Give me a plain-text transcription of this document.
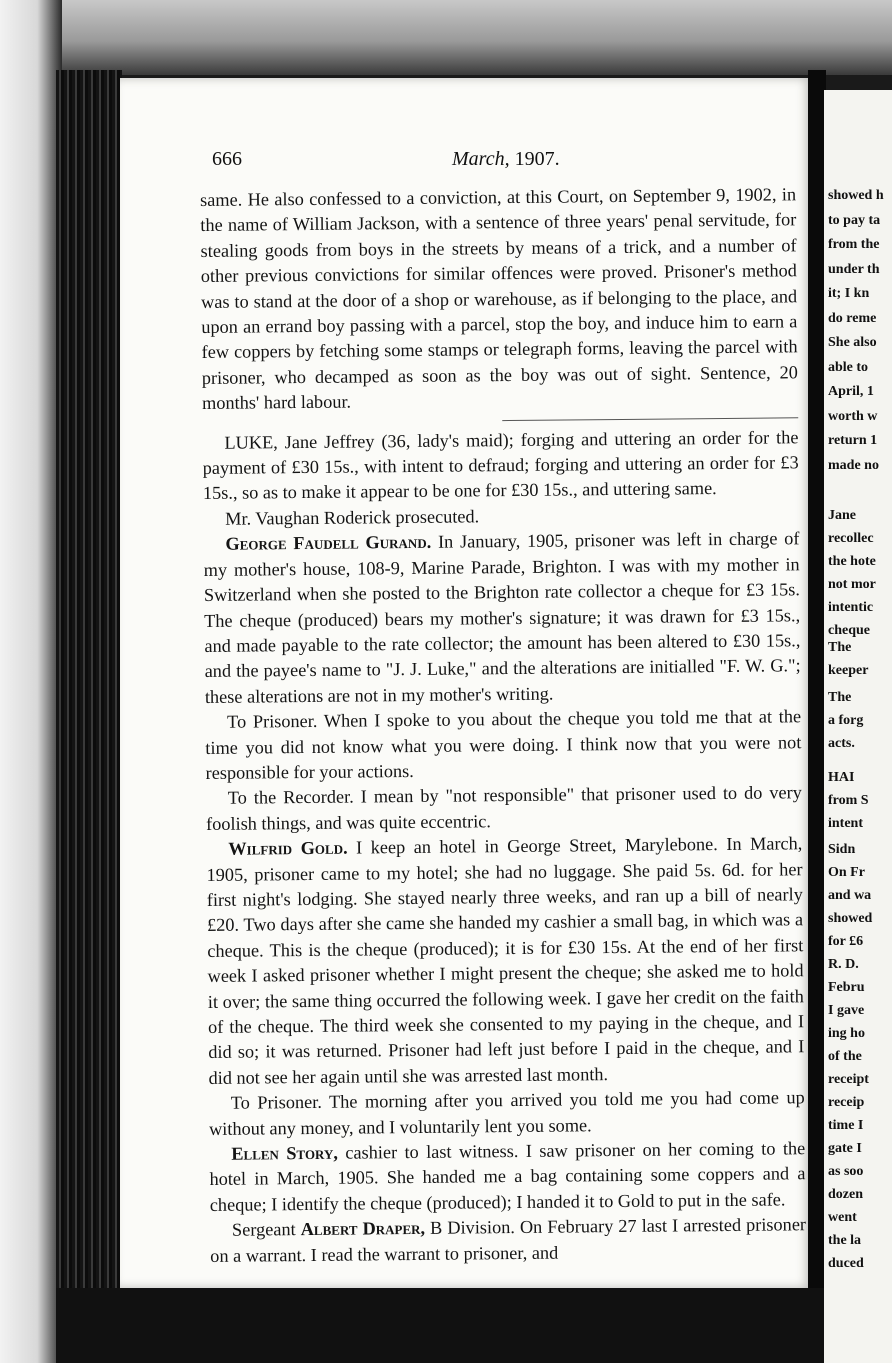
showed h
to pay ta
from the
under th
it; I kn
do reme
She also
able to
April, 1
worth w
return 1
made no
Jane
recollec
the hote
not mor
intentic
cheque
The
keeper
The
a forg
acts.
HAI
from S
intent
Sidn
On Fr
and wa
showed
for £6
R. D.
Febru
I gave
ing ho
of the
receipt
receip
time I
gate I
as soo
dozen
went
the la
duced
666	March, 1907.

same. He also confessed to a conviction, at this Court, on September 9, 1902, in the name of William Jackson, with a sentence of three years' penal servitude, for stealing goods from boys in the streets by means of a trick, and a number of other previous convictions for similar offences were proved. Prisoner's method was to stand at the door of a shop or warehouse, as if belonging to the place, and upon an errand boy passing with a parcel, stop the boy, and induce him to earn a few coppers by fetching some stamps or telegraph forms, leaving the parcel with prisoner, who decamped as soon as the boy was out of sight. Sentence, 20 months' hard labour.

LUKE, Jane Jeffrey (36, lady's maid); forging and uttering an order for the payment of £30 15s., with intent to defraud; forging and uttering an order for £3 15s., so as to make it appear to be one for £30 15s., and uttering same.

Mr. Vaughan Roderick prosecuted.

George Faudell Gurand. In January, 1905, prisoner was left in charge of my mother's house, 108-9, Marine Parade, Brighton. I was with my mother in Switzerland when she posted to the Brighton rate collector a cheque for £3 15s. The cheque (produced) bears my mother's signature; it was drawn for £3 15s., and made payable to the rate collector; the amount has been altered to £30 15s., and the payee's name to "J. J. Luke," and the alterations are initialled "F. W. G."; these alterations are not in my mother's writing.

To Prisoner. When I spoke to you about the cheque you told me that at the time you did not know what you were doing. I think now that you were not responsible for your actions.

To the Recorder. I mean by "not responsible" that prisoner used to do very foolish things, and was quite eccentric.

Wilfrid Gold. I keep an hotel in George Street, Marylebone. In March, 1905, prisoner came to my hotel; she had no luggage. She paid 5s. 6d. for her first night's lodging. She stayed nearly three weeks, and ran up a bill of nearly £20. Two days after she came she handed my cashier a small bag, in which was a cheque. This is the cheque (produced); it is for £30 15s. At the end of her first week I asked prisoner whether I might present the cheque; she asked me to hold it over; the same thing occurred the following week. I gave her credit on the faith of the cheque. The third week she consented to my paying in the cheque, and I did so; it was returned. Prisoner had left just before I paid in the cheque, and I did not see her again until she was arrested last month.

To Prisoner. The morning after you arrived you told me you had come up without any money, and I voluntarily lent you some.

Ellen Story, cashier to last witness. I saw prisoner on her coming to the hotel in March, 1905. She handed me a bag containing some coppers and a cheque; I identify the cheque (produced); I handed it to Gold to put in the safe.

Sergeant Albert Draper, B Division. On February 27 last I arrested prisoner on a warrant. I read the warrant to prisoner, and
